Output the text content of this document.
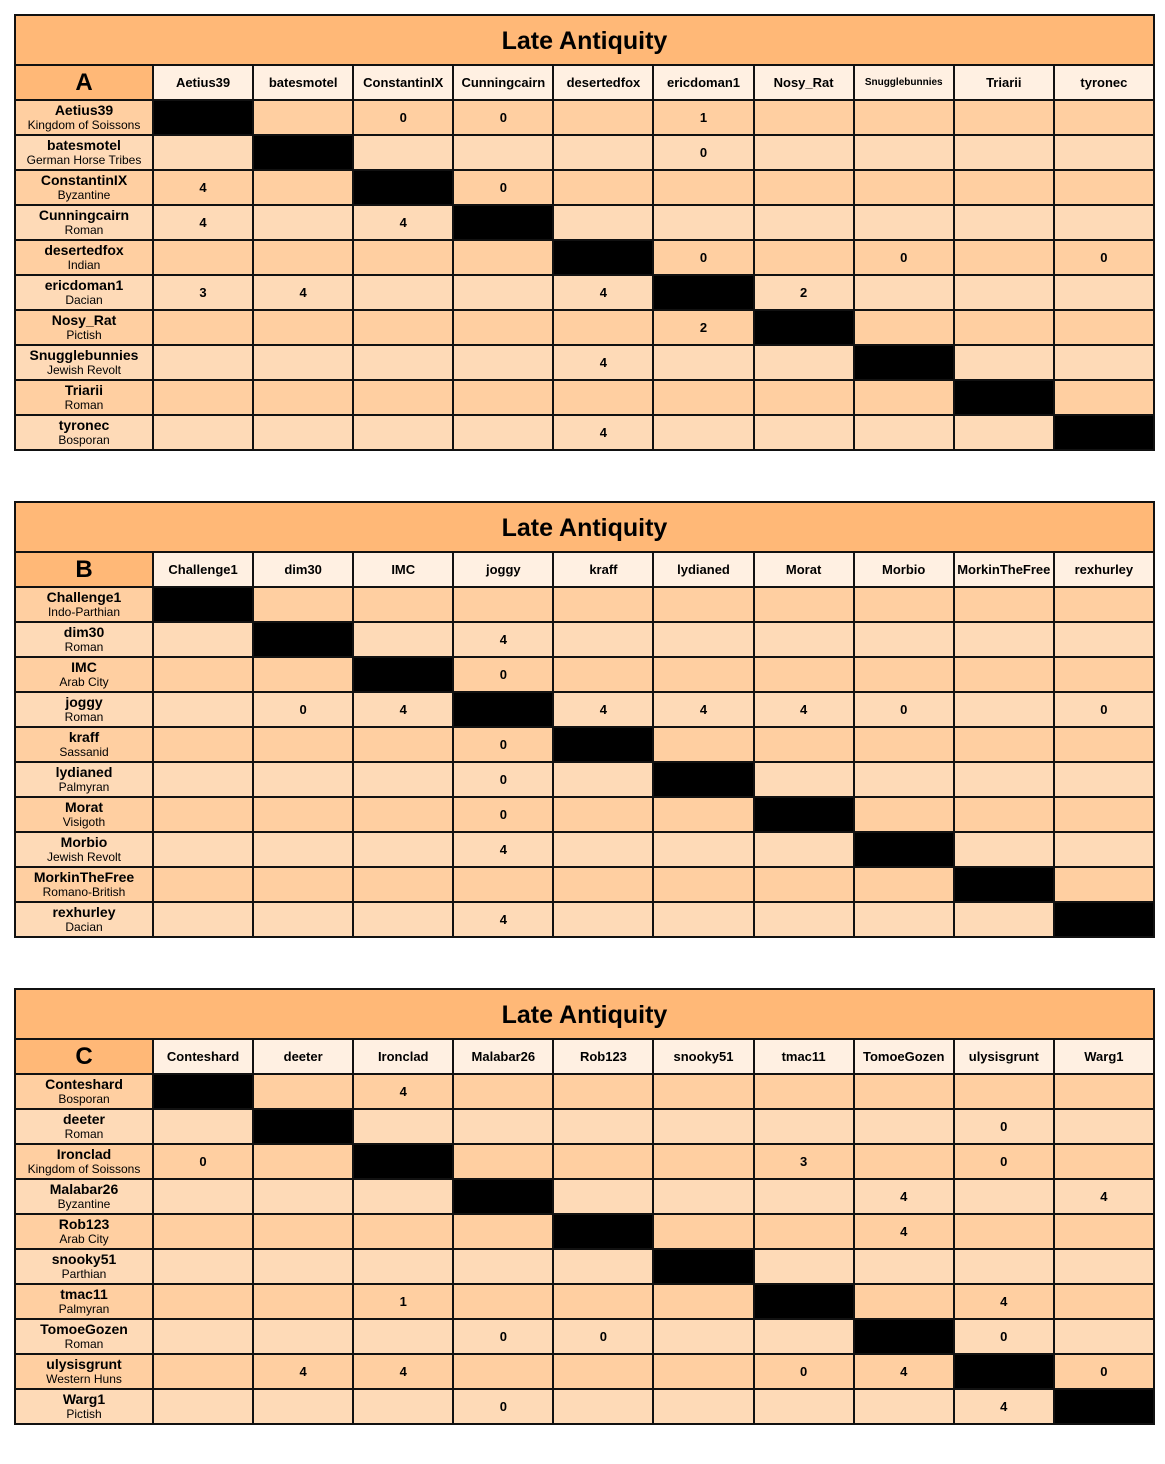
Late Antiquity										
A	Aetius39	batesmotel	ConstantinIX	Cunningcairn	desertedfox	ericdoman1	Nosy_Rat	Snugglebunnies	Triarii	tyronec

Aetius39
Kingdom of Soissons			0	0		1				

batesmotel
German Horse Tribes						0				

ConstantinIX
Byzantine	4			0						

Cunningcairn
Roman	4		4							

desertedfox
Indian						0		0		0

ericdoman1
Dacian	3	4			4		2			

Nosy_Rat
Pictish						2				

Snugglebunnies
Jewish Revolt					4					

Triarii
Roman										

tyronec
Bosporan					4					
Late Antiquity										
B	Challenge1	dim30	IMC	joggy	kraff	lydianed	Morat	Morbio	MorkinTheFree	rexhurley

Challenge1
Indo-Parthian										

dim30
Roman				4						

IMC
Arab City				0						

joggy
Roman		0	4		4	4	4	0		0

kraff
Sassanid				0						

lydianed
Palmyran				0						

Morat
Visigoth				0						

Morbio
Jewish Revolt				4						

MorkinTheFree
Romano-British										

rexhurley
Dacian				4						
Late Antiquity										
C	Conteshard	deeter	Ironclad	Malabar26	Rob123	snooky51	tmac11	TomoeGozen	ulysisgrunt	Warg1

Conteshard
Bosporan			4							

deeter
Roman									0	

Ironclad
Kingdom of Soissons	0						3		0	

Malabar26
Byzantine								4		4

Rob123
Arab City								4		

snooky51
Parthian										

tmac11
Palmyran			1						4	

TomoeGozen
Roman				0	0				0	

ulysisgrunt
Western Huns		4	4				0	4		0

Warg1
Pictish				0					4	
